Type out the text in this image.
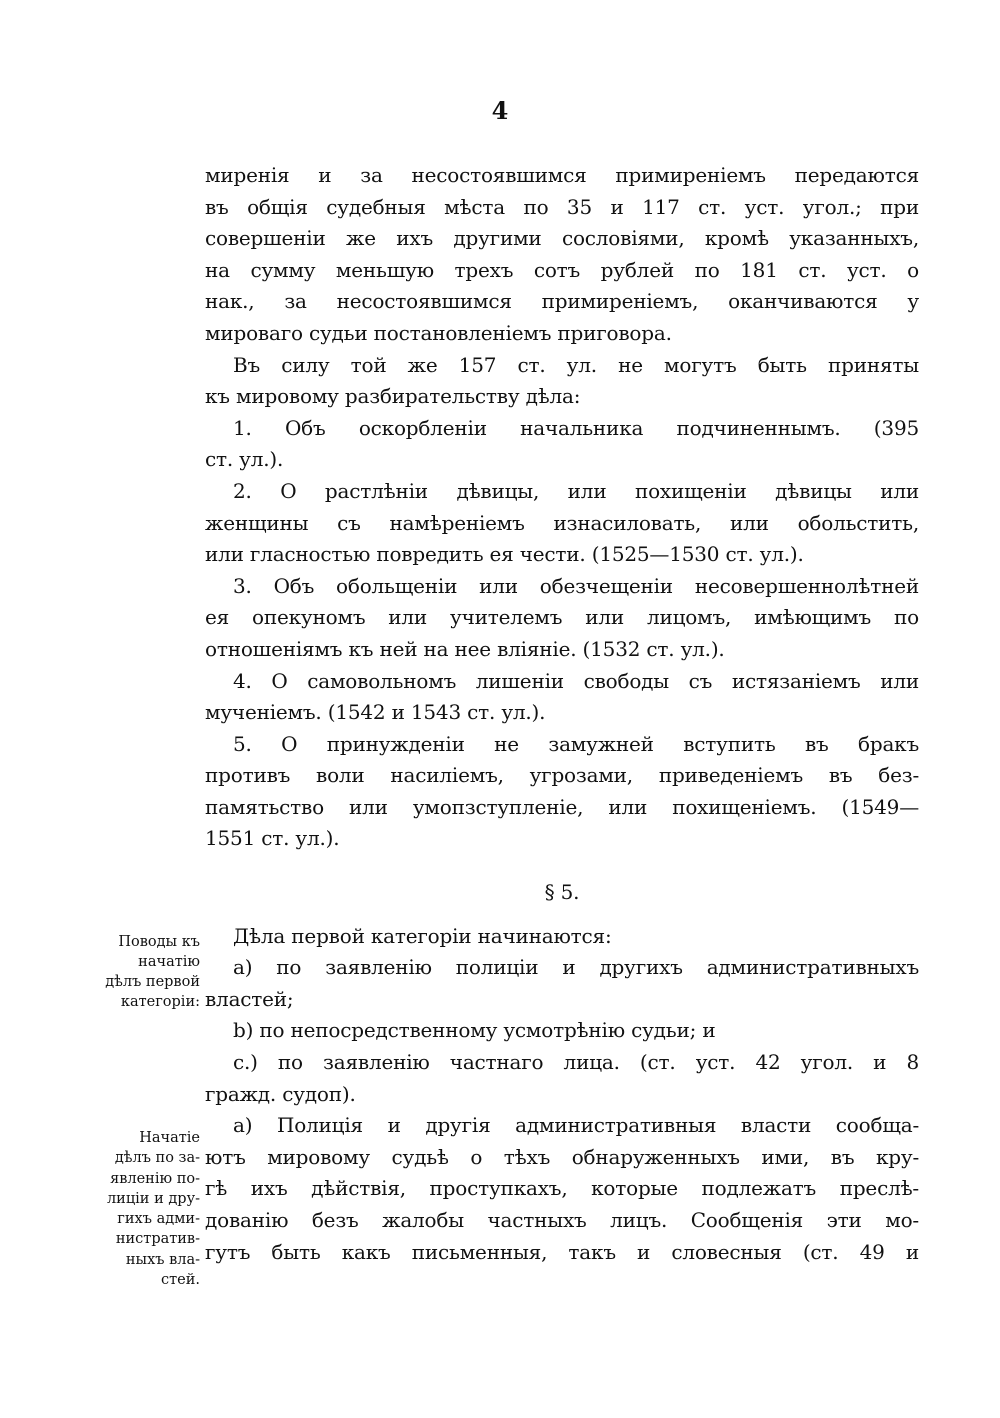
4
миренія и за несостоявшимся примиреніемъ передаются
въ общія судебныя мѣста по 35 и 117 ст. уст. угол.; при
совершеніи же ихъ другими сословіями, кромѣ указанныхъ,
на сумму меньшую трехъ сотъ рублей по 181 ст. уст. о
нак., за несостоявшимся примиреніемъ, оканчиваются у
мироваго судьи постановленіемъ приговора.
Въ силу той же 157 ст. ул. не могутъ быть приняты
къ мировому разбирательству дѣла:
1. Объ оскорбленіи начальника подчиненнымъ. (395
ст. ул.).
2. О растлѣніи дѣвицы, или похищеніи дѣвицы или
женщины съ намѣреніемъ изнасиловать, или обольстить,
или гласностью повредить ея чести. (1525—1530 ст. ул.).
3. Объ обольщеніи или обезчещеніи несовершеннолѣтней
ея опекуномъ или учителемъ или лицомъ, имѣющимъ по
отношеніямъ къ ней на нее вліяніе. (1532 ст. ул.).
4. О самовольномъ лишеніи свободы съ истязаніемъ или
мученіемъ. (1542 и 1543 ст. ул.).
5. О принужденіи не замужней вступить въ бракъ
противъ воли насиліемъ, угрозами, приведеніемъ въ без-
памятьство или умопзступленіе, или похищеніемъ. (1549—
1551 ст. ул.).
§ 5.
Дѣла первой категоріи начинаются:
а) по заявленію полиціи и другихъ административныхъ
властей;
b) по непосредственному усмотрѣнію судьи; и
с.) по заявленію частнаго лица. (ст. уст. 42 угол. и 8
гражд. судоп).
а) Полиція и другія административныя власти сообща-
ютъ мировому судьѣ о тѣхъ обнаруженныхъ ими, въ кру-
гѣ ихъ дѣйствія, проступкахъ, которые подлежатъ преслѣ-
дованію безъ жалобы частныхъ лицъ. Сообщенія эти мо-
гутъ быть какъ письменныя, такъ и словесныя (ст. 49 и
Поводы къ
начатію
дѣлъ первой
категоріи:
Начатіе
дѣлъ по за-
явленію по-
лиціи и дру-
гихъ адми-
нистратив-
ныхъ вла-
стей.
